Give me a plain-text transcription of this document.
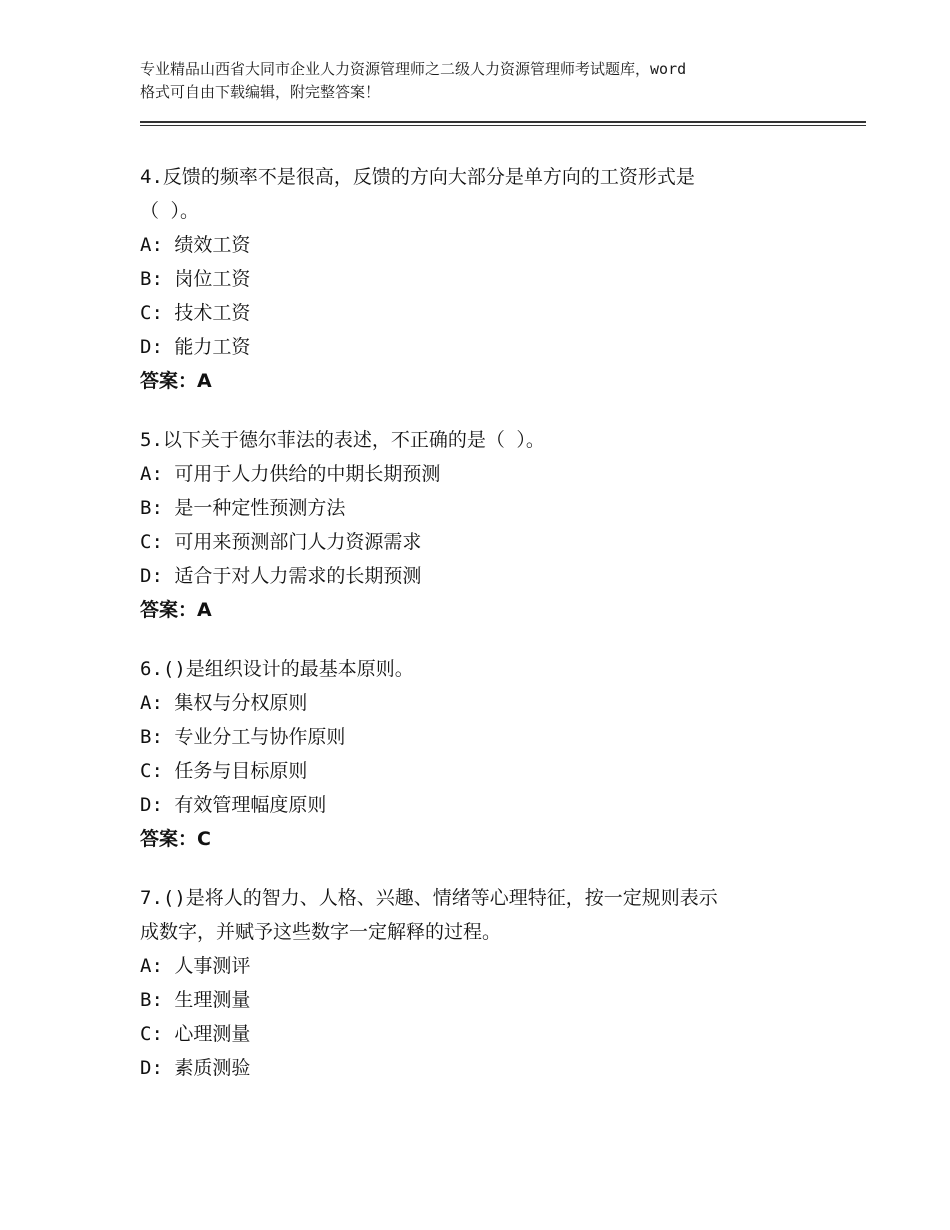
专业精品山西省大同市企业人力资源管理师之二级人力资源管理师考试题库，word
格式可自由下载编辑，附完整答案！
4.反馈的频率不是很高，反馈的方向大部分是单方向的工资形式是
（ ）。
A: 绩效工资
B: 岗位工资
C: 技术工资
D: 能力工资
答案：A
5.以下关于德尔菲法的表述，不正确的是（ ）。
A: 可用于人力供给的中期长期预测
B: 是一种定性预测方法
C: 可用来预测部门人力资源需求
D: 适合于对人力需求的长期预测
答案：A
6.()是组织设计的最基本原则。
A: 集权与分权原则
B: 专业分工与协作原则
C: 任务与目标原则
D: 有效管理幅度原则
答案：C
7.()是将人的智力、人格、兴趣、情绪等心理特征，按一定规则表示
成数字，并赋予这些数字一定解释的过程。
A: 人事测评
B: 生理测量
C: 心理测量
D: 素质测验
